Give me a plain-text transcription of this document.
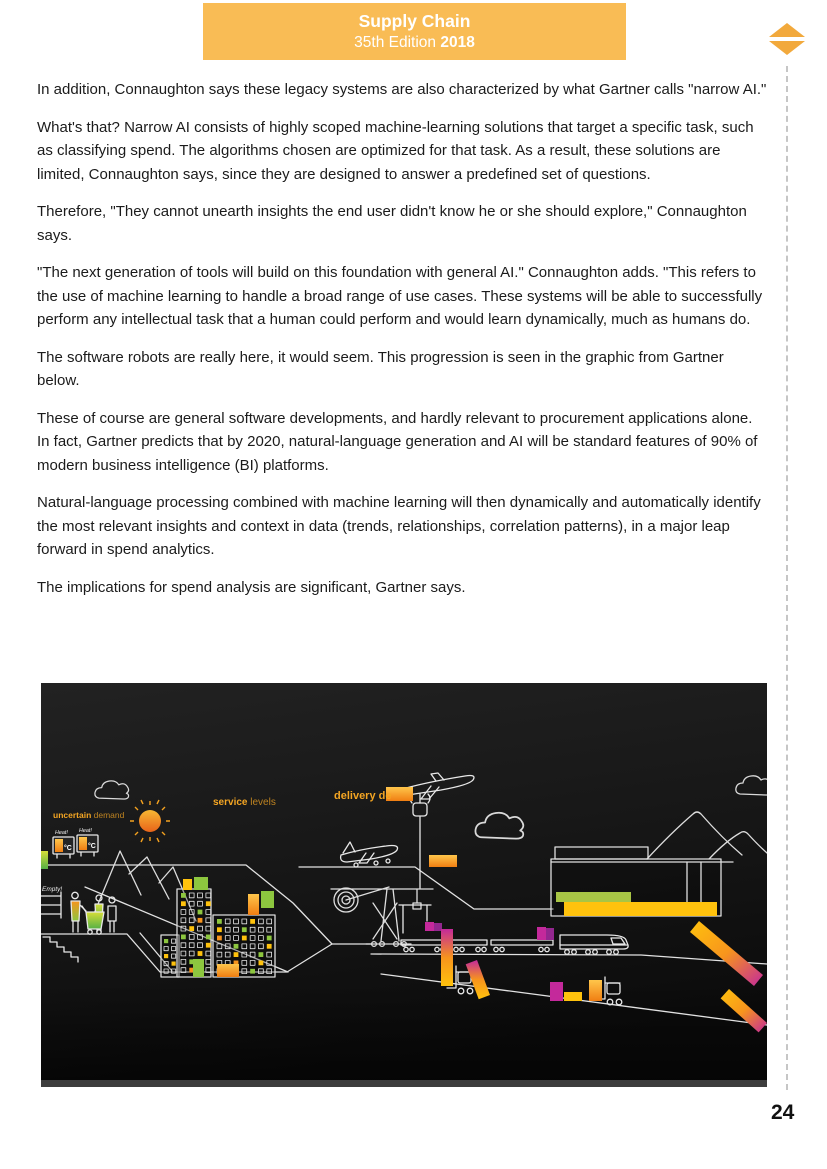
Supply Chain
35th Edition 2018

In addition, Connaughton says these legacy systems are also characterized by what Gartner calls "narrow AI."

What's that? Narrow AI consists of highly scoped machine-learning solutions that target a specific task, such as classifying spend. The algorithms chosen are optimized for that task. As a result, these solutions are limited, Connaughton says, since they are designed to answer a predefined set of questions.

Therefore, "They cannot unearth insights the end user didn't know he or she should explore," Connaughton says.

"The next generation of tools will build on this foundation with general AI." Connaughton adds. "This refers to the use of machine learning to handle a broad range of use cases. These systems will be able to successfully perform any intellectual task that a human could perform and would learn dynamically, much as humans do.

The software robots are really here, it would seem. This progression is seen in the graphic from Gartner below.

These of course are general software developments, and hardly relevant to procurement applications alone. In fact, Gartner predicts that by 2020, natural-language generation and AI will be standard features of 90% of modern business intelligence (BI) platforms.

Natural-language processing combined with machine learning will then dynamically and automatically identify the most relevant insights and context in data (trends, relationships, correlation patterns), in a major leap forward in spend analytics.

The implications for spend analysis are significant, Gartner says.

uncertain demand
service levels
delivery de
Heat! Heat!
°C °C
Empty!
24
